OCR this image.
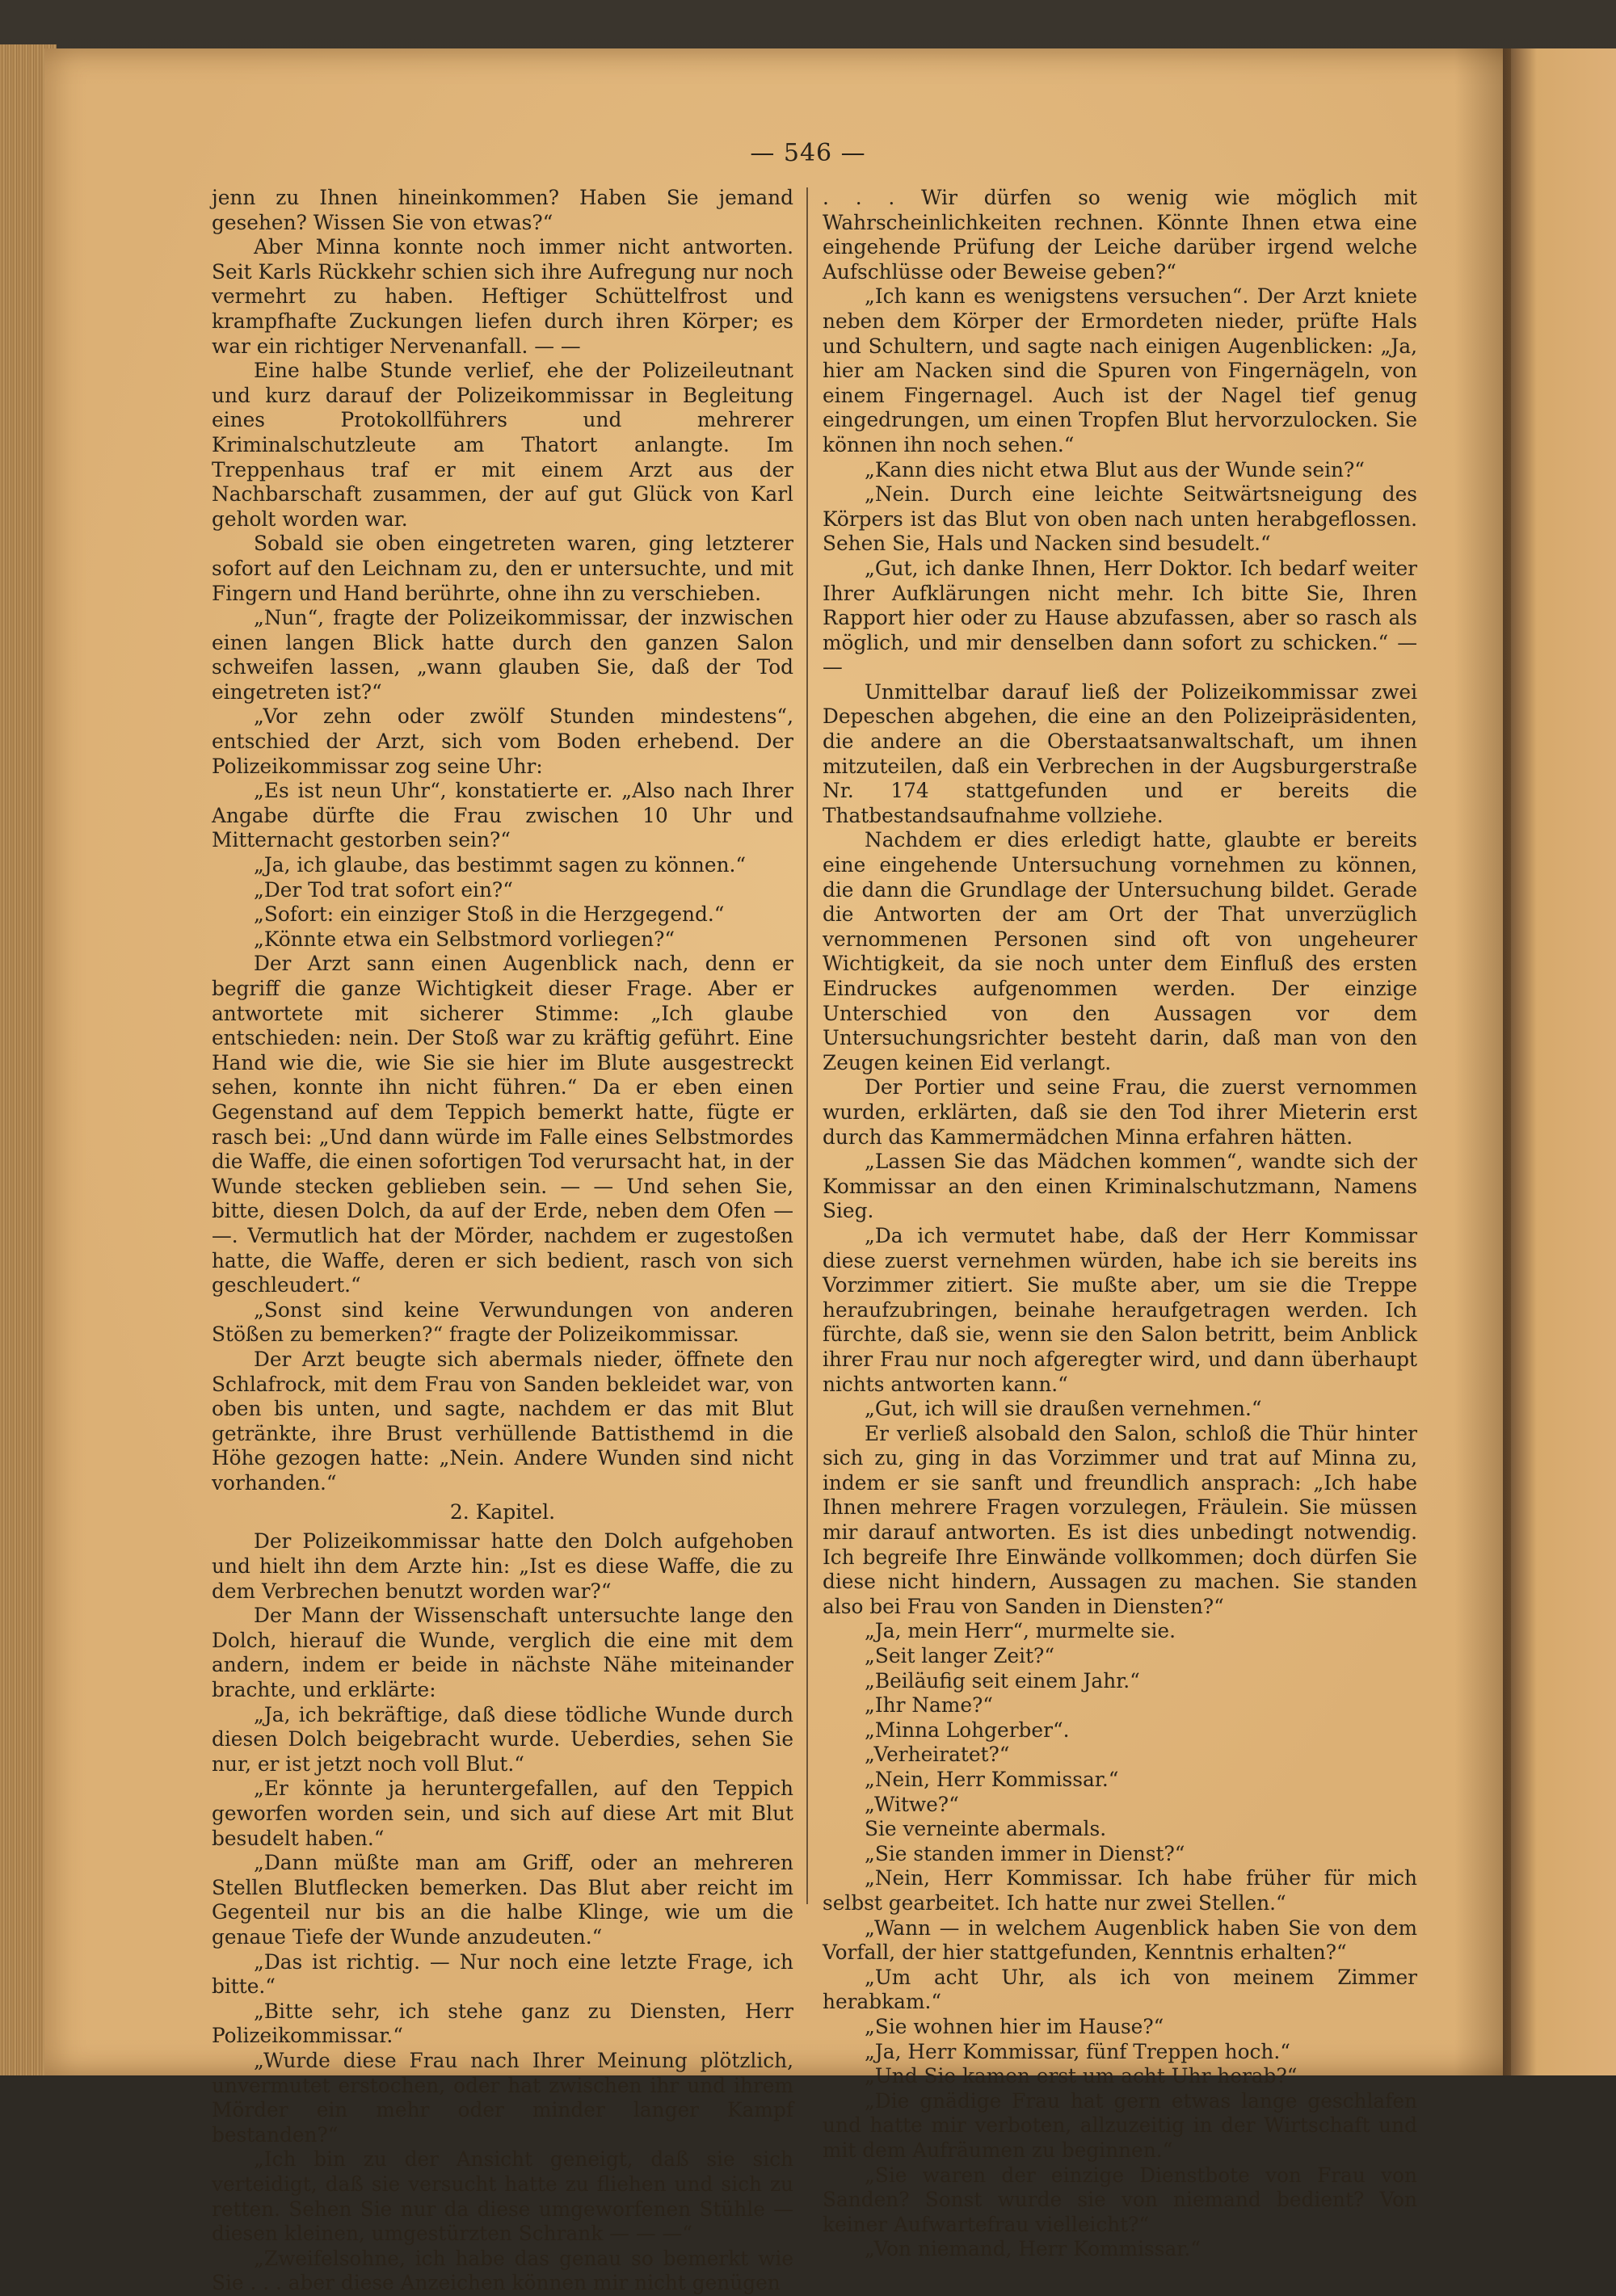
— 546 —

jenn zu Ihnen hineinkommen? Haben Sie jemand gesehen? Wissen Sie von etwas?“

Aber Minna konnte noch immer nicht antworten. Seit Karls Rückkehr schien sich ihre Aufregung nur noch vermehrt zu haben. Heftiger Schüttelfrost und krampfhafte Zuckungen liefen durch ihren Körper; es war ein richtiger Nervenanfall. — —

Eine halbe Stunde verlief, ehe der Polizeileutnant und kurz darauf der Polizeikommissar in Begleitung eines Protokollführers und mehrerer Kriminalschutzleute am Thatort anlangte. Im Treppenhaus traf er mit einem Arzt aus der Nachbarschaft zusammen, der auf gut Glück von Karl geholt worden war.

Sobald sie oben eingetreten waren, ging letzterer sofort auf den Leichnam zu, den er untersuchte, und mit Fingern und Hand berührte, ohne ihn zu verschieben.

„Nun“, fragte der Polizeikommissar, der inzwischen einen langen Blick hatte durch den ganzen Salon schweifen lassen, „wann glauben Sie, daß der Tod eingetreten ist?“

„Vor zehn oder zwölf Stunden mindestens“, entschied der Arzt, sich vom Boden erhebend. Der Polizeikommissar zog seine Uhr:

„Es ist neun Uhr“, konstatierte er. „Also nach Ihrer Angabe dürfte die Frau zwischen 10 Uhr und Mitternacht gestorben sein?“

„Ja, ich glaube, das bestimmt sagen zu können.“

„Der Tod trat sofort ein?“

„Sofort: ein einziger Stoß in die Herzgegend.“

„Könnte etwa ein Selbstmord vorliegen?“

Der Arzt sann einen Augenblick nach, denn er begriff die ganze Wichtigkeit dieser Frage. Aber er antwortete mit sicherer Stimme: „Ich glaube entschieden: nein. Der Stoß war zu kräftig geführt. Eine Hand wie die, wie Sie sie hier im Blute ausgestreckt sehen, konnte ihn nicht führen.“ Da er eben einen Gegenstand auf dem Teppich bemerkt hatte, fügte er rasch bei: „Und dann würde im Falle eines Selbstmordes die Waffe, die einen sofortigen Tod verursacht hat, in der Wunde stecken geblieben sein. — — Und sehen Sie, bitte, diesen Dolch, da auf der Erde, neben dem Ofen — —. Vermutlich hat der Mörder, nachdem er zugestoßen hatte, die Waffe, deren er sich bedient, rasch von sich geschleudert.“

„Sonst sind keine Verwundungen von anderen Stößen zu bemerken?“ fragte der Polizeikommissar.

Der Arzt beugte sich abermals nieder, öffnete den Schlafrock, mit dem Frau von Sanden bekleidet war, von oben bis unten, und sagte, nachdem er das mit Blut getränkte, ihre Brust verhüllende Battisthemd in die Höhe gezogen hatte: „Nein. Andere Wunden sind nicht vorhanden.“

2. Kapitel.

Der Polizeikommissar hatte den Dolch aufgehoben und hielt ihn dem Arzte hin: „Ist es diese Waffe, die zu dem Verbrechen benutzt worden war?“

Der Mann der Wissenschaft untersuchte lange den Dolch, hierauf die Wunde, verglich die eine mit dem andern, indem er beide in nächste Nähe miteinander brachte, und erklärte:

„Ja, ich bekräftige, daß diese tödliche Wunde durch diesen Dolch beigebracht wurde. Ueberdies, sehen Sie nur, er ist jetzt noch voll Blut.“

„Er könnte ja heruntergefallen, auf den Teppich geworfen worden sein, und sich auf diese Art mit Blut besudelt haben.“

„Dann müßte man am Griff, oder an mehreren Stellen Blutflecken bemerken. Das Blut aber reicht im Gegenteil nur bis an die halbe Klinge, wie um die genaue Tiefe der Wunde anzudeuten.“

„Das ist richtig. — Nur noch eine letzte Frage, ich bitte.“

„Bitte sehr, ich stehe ganz zu Diensten, Herr Polizeikommissar.“

„Wurde diese Frau nach Ihrer Meinung plötzlich, unvermutet erstochen, oder hat zwischen ihr und ihrem Mörder ein mehr oder minder langer Kampf bestanden?“

„Ich bin zu der Ansicht geneigt, daß sie sich verteidigt, daß sie versucht hatte zu fliehen und sich zu retten. Sehen Sie nur da diese umgeworfenen Stühle — diesen kleinen, umgestürzten Schrank — — —“

„Zweifelsohne, ich habe das genau so bemerkt wie Sie . . . aber diese Anzeichen können mir nicht genügen

. . . Wir dürfen so wenig wie möglich mit Wahrscheinlichkeiten rechnen. Könnte Ihnen etwa eine eingehende Prüfung der Leiche darüber irgend welche Aufschlüsse oder Beweise geben?“

„Ich kann es wenigstens versuchen“. Der Arzt kniete neben dem Körper der Ermordeten nieder, prüfte Hals und Schultern, und sagte nach einigen Augenblicken: „Ja, hier am Nacken sind die Spuren von Fingernägeln, von einem Fingernagel. Auch ist der Nagel tief genug eingedrungen, um einen Tropfen Blut hervorzulocken. Sie können ihn noch sehen.“

„Kann dies nicht etwa Blut aus der Wunde sein?“

„Nein. Durch eine leichte Seitwärtsneigung des Körpers ist das Blut von oben nach unten herabgeflossen. Sehen Sie, Hals und Nacken sind besudelt.“

„Gut, ich danke Ihnen, Herr Doktor. Ich bedarf weiter Ihrer Aufklärungen nicht mehr. Ich bitte Sie, Ihren Rapport hier oder zu Hause abzufassen, aber so rasch als möglich, und mir denselben dann sofort zu schicken.“ — —

Unmittelbar darauf ließ der Polizeikommissar zwei Depeschen abgehen, die eine an den Polizeipräsidenten, die andere an die Oberstaatsanwaltschaft, um ihnen mitzuteilen, daß ein Verbrechen in der Augsburgerstraße Nr. 174 stattgefunden und er bereits die Thatbestandsaufnahme vollziehe.

Nachdem er dies erledigt hatte, glaubte er bereits eine eingehende Untersuchung vornehmen zu können, die dann die Grundlage der Untersuchung bildet. Gerade die Antworten der am Ort der That unverzüglich vernommenen Personen sind oft von ungeheurer Wichtigkeit, da sie noch unter dem Einfluß des ersten Eindruckes aufgenommen werden. Der einzige Unterschied von den Aussagen vor dem Untersuchungsrichter besteht darin, daß man von den Zeugen keinen Eid verlangt.

Der Portier und seine Frau, die zuerst vernommen wurden, erklärten, daß sie den Tod ihrer Mieterin erst durch das Kammermädchen Minna erfahren hätten.

„Lassen Sie das Mädchen kommen“, wandte sich der Kommissar an den einen Kriminalschutzmann, Namens Sieg.

„Da ich vermutet habe, daß der Herr Kommissar diese zuerst vernehmen würden, habe ich sie bereits ins Vorzimmer zitiert. Sie mußte aber, um sie die Treppe heraufzubringen, beinahe heraufgetragen werden. Ich fürchte, daß sie, wenn sie den Salon betritt, beim Anblick ihrer Frau nur noch afgeregter wird, und dann überhaupt nichts antworten kann.“

„Gut, ich will sie draußen vernehmen.“

Er verließ alsobald den Salon, schloß die Thür hinter sich zu, ging in das Vorzimmer und trat auf Minna zu, indem er sie sanft und freundlich ansprach: „Ich habe Ihnen mehrere Fragen vorzulegen, Fräulein. Sie müssen mir darauf antworten. Es ist dies unbedingt notwendig. Ich begreife Ihre Einwände vollkommen; doch dürfen Sie diese nicht hindern, Aussagen zu machen. Sie standen also bei Frau von Sanden in Diensten?“

„Ja, mein Herr“, murmelte sie.

„Seit langer Zeit?“

„Beiläufig seit einem Jahr.“

„Ihr Name?“

„Minna Lohgerber“.

„Verheiratet?“

„Nein, Herr Kommissar.“

„Witwe?“

Sie verneinte abermals.

„Sie standen immer in Dienst?“

„Nein, Herr Kommissar. Ich habe früher für mich selbst gearbeitet. Ich hatte nur zwei Stellen.“

„Wann — in welchem Augenblick haben Sie von dem Vorfall, der hier stattgefunden, Kenntnis erhalten?“

„Um acht Uhr, als ich von meinem Zimmer herabkam.“

„Sie wohnen hier im Hause?“

„Ja, Herr Kommissar, fünf Treppen hoch.“

„Und Sie kamen erst um acht Uhr herab?“

„Die gnädige Frau hat gern etwas lange geschlafen und hatte mir verboten, allzuzeitig in der Wirtschaft und mit dem Aufräumen zu beginnen.“

„Sie waren der einzige Dienstbote von Frau von Sanden? Sonst wurde sie von niemand bedient? Von keiner Aufwartefrau vielleicht?“

„Von niemand, Herr Kommissar.“
